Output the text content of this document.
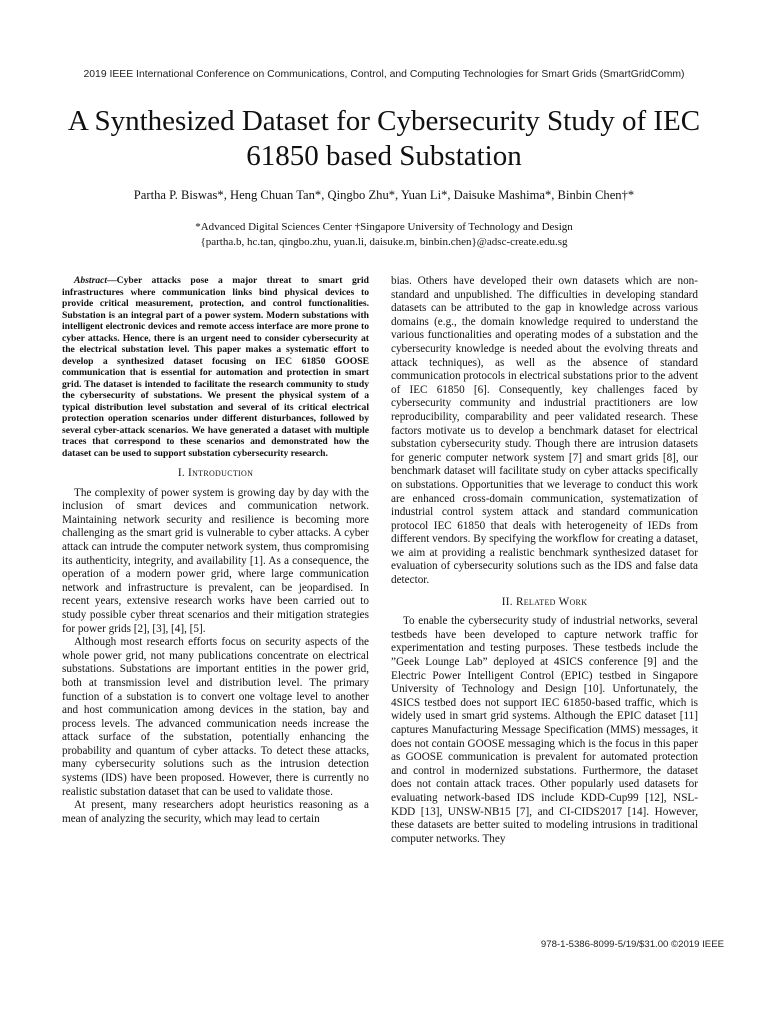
2019 IEEE International Conference on Communications, Control, and Computing Technologies for Smart Grids (SmartGridComm)
A Synthesized Dataset for Cybersecurity Study of IEC 61850 based Substation
Partha P. Biswas*, Heng Chuan Tan*, Qingbo Zhu*, Yuan Li*, Daisuke Mashima*, Binbin Chen†*
*Advanced Digital Sciences Center †Singapore University of Technology and Design
{partha.b, hc.tan, qingbo.zhu, yuan.li, daisuke.m, binbin.chen}@adsc-create.edu.sg

Abstract—Cyber attacks pose a major threat to smart grid infrastructures where communication links bind physical devices to provide critical measurement, protection, and control functionalities. Substation is an integral part of a power system. Modern substations with intelligent electronic devices and remote access interface are more prone to cyber attacks. Hence, there is an urgent need to consider cybersecurity at the electrical substation level. This paper makes a systematic effort to develop a synthesized dataset focusing on IEC 61850 GOOSE communication that is essential for automation and protection in smart grid. The dataset is intended to facilitate the research community to study the cybersecurity of substations. We present the physical system of a typical distribution level substation and several of its critical electrical protection operation scenarios under different disturbances, followed by several cyber-attack scenarios. We have generated a dataset with multiple traces that correspond to these scenarios and demonstrated how the dataset can be used to support substation cybersecurity research.

I. Introduction

The complexity of power system is growing day by day with the inclusion of smart devices and communication network. Maintaining network security and resilience is becoming more challenging as the smart grid is vulnerable to cyber attacks. A cyber attack can intrude the computer network system, thus compromising its authenticity, integrity, and availability [1]. As a consequence, the operation of a modern power grid, where large communication network and infrastructure is prevalent, can be jeopardised. In recent years, extensive research works have been carried out to study possible cyber threat scenarios and their mitigation strategies for power grids [2], [3], [4], [5].

Although most research efforts focus on security aspects of the whole power grid, not many publications concentrate on electrical substations. Substations are important entities in the power grid, both at transmission level and distribution level. The primary function of a substation is to convert one voltage level to another and host communication among devices in the station, bay and process levels. The advanced communication needs increase the attack surface of the substation, potentially enhancing the probability and quantum of cyber attacks. To detect these attacks, many cybersecurity solutions such as the intrusion detection systems (IDS) have been proposed. However, there is currently no realistic substation dataset that can be used to validate those.

At present, many researchers adopt heuristics reasoning as a mean of analyzing the security, which may lead to certain

bias. Others have developed their own datasets which are non-standard and unpublished. The difficulties in developing standard datasets can be attributed to the gap in knowledge across various domains (e.g., the domain knowledge required to understand the various functionalities and operating modes of a substation and the cybersecurity knowledge is needed about the evolving threats and attack techniques), as well as the absence of standard communication protocols in electrical substations prior to the advent of IEC 61850 [6]. Consequently, key challenges faced by cybersecurity community and industrial practitioners are low reproducibility, comparability and peer validated research. These factors motivate us to develop a benchmark dataset for electrical substation cybersecurity study. Though there are intrusion datasets for generic computer network system [7] and smart grids [8], our benchmark dataset will facilitate study on cyber attacks specifically on substations. Opportunities that we leverage to conduct this work are enhanced cross-domain communication, systematization of industrial control system attack and standard communication protocol IEC 61850 that deals with heterogeneity of IEDs from different vendors. By specifying the workflow for creating a dataset, we aim at providing a realistic benchmark synthesized dataset for evaluation of cybersecurity solutions such as the IDS and false data detector.

II. Related Work

To enable the cybersecurity study of industrial networks, several testbeds have been developed to capture network traffic for experimentation and testing purposes. These testbeds include the ”Geek Lounge Lab” deployed at 4SICS conference [9] and the Electric Power Intelligent Control (EPIC) testbed in Singapore University of Technology and Design [10]. Unfortunately, the 4SICS testbed does not support IEC 61850-based traffic, which is widely used in smart grid systems. Although the EPIC dataset [11] captures Manufacturing Message Specification (MMS) messages, it does not contain GOOSE messaging which is the focus in this paper as GOOSE communication is prevalent for automated protection and control in modernized substations. Furthermore, the dataset does not contain attack traces. Other popularly used datasets for evaluating network-based IDS include KDD-Cup99 [12], NSL-KDD [13], UNSW-NB15 [7], and CI-CIDS2017 [14]. However, these datasets are better suited to modeling intrusions in traditional computer networks. They

978-1-5386-8099-5/19/$31.00 ©2019 IEEE
